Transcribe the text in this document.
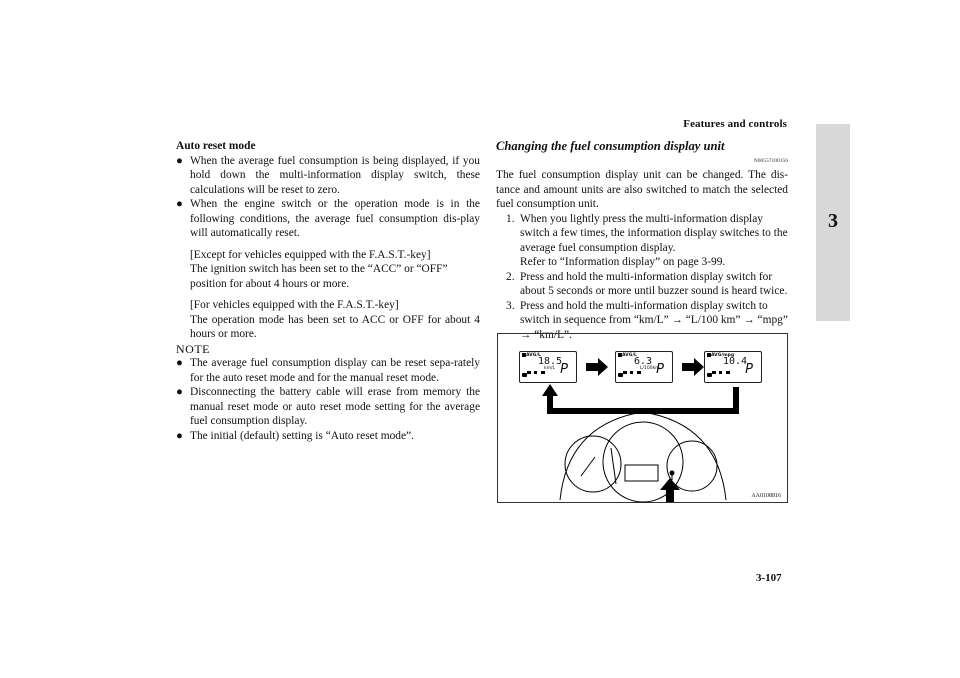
Features and controls
3

Auto reset mode

● When the average fuel consumption is being displayed, if you hold down the multi-information display switch, these calculations will be reset to zero.
● When the engine switch or the operation mode is in the following conditions, the average fuel consumption dis-play will automatically reset.

[Except for vehicles equipped with the F.A.S.T.-key]

The ignition switch has been set to the “ACC” or “OFF” position for about 4 hours or more.

[For vehicles equipped with the F.A.S.T.-key]

The operation mode has been set to ACC or OFF for about 4 hours or more.

NOTE

● The average fuel consumption display can be reset sepa-rately for the auto reset mode and for the manual reset mode.
● Disconnecting the battery cable will erase from memory the manual reset mode or auto reset mode setting for the average fuel consumption display.
● The initial (default) setting is “Auto reset mode”.

Changing the fuel consumption display unit

N00557100156

The fuel consumption display unit can be changed. The dis-tance and amount units are also switched to match the selected fuel consumption unit.

1. When you lightly press the multi-information display switch a few times, the information display switches to the average fuel consumption display.
Refer to “Information display” on page 3-99.
2. Press and hold the multi-information display switch for about 5 seconds or more until buzzer sound is heard twice.
3. Press and hold the multi-information display switch to switch in sequence from “km/L” → “L/100 km” → “mpg” → “km/L”.
AVG/L
18.5
km/L P
AVG/L
6.3
L/100km
P
AVG/mpg
10.4
P
AA0108816
3-107
